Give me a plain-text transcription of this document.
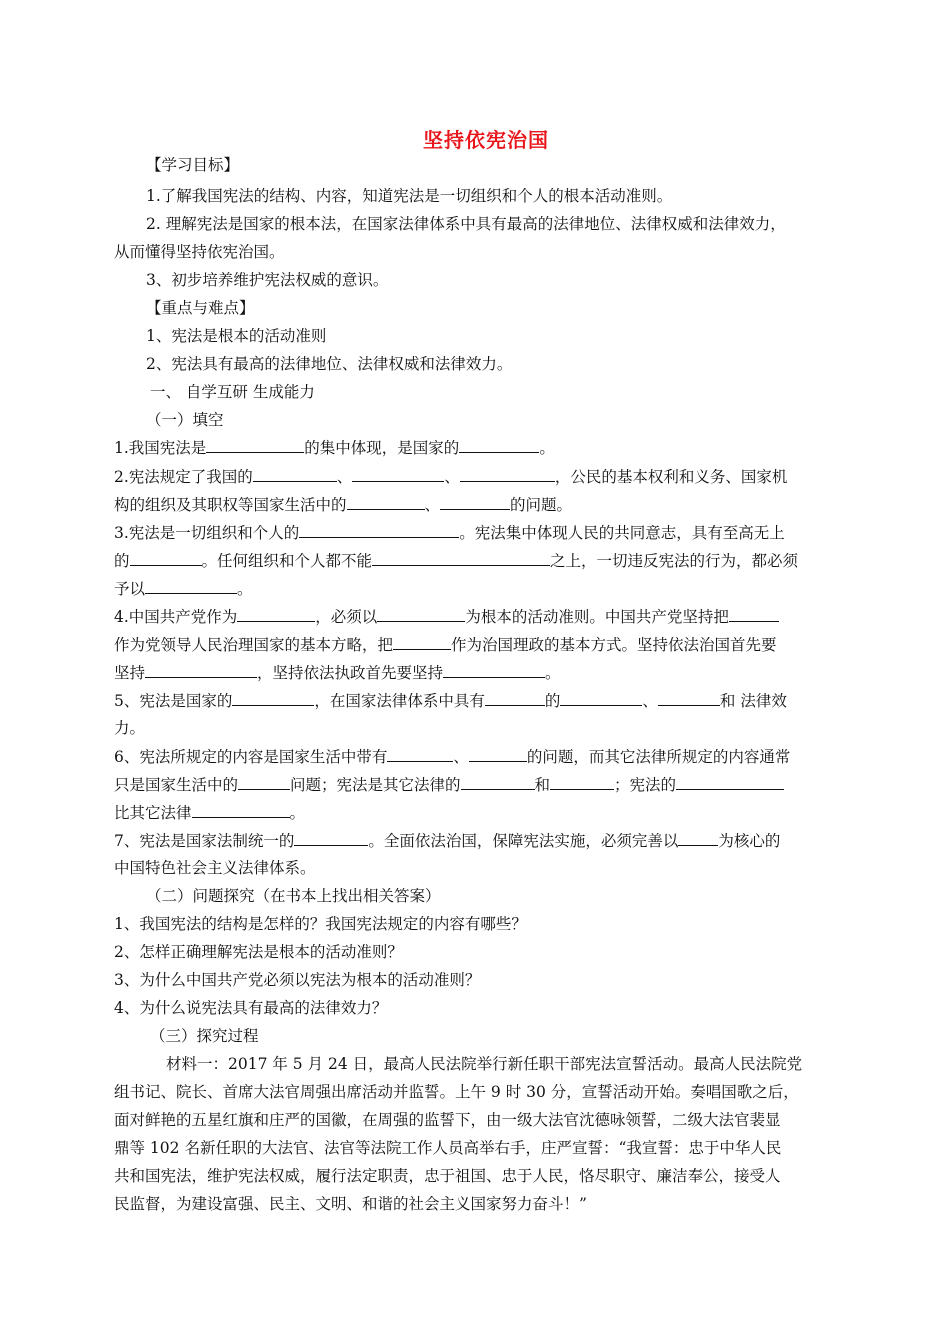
坚持依宪治国
【学习目标】
1.了解我国宪法的结构、内容，知道宪法是一切组织和个人的根本活动准则。
2. 理解宪法是国家的根本法，在国家法律体系中具有最高的法律地位、法律权威和法律效力，
从而懂得坚持依宪治国。
3、初步培养维护宪法权威的意识。
【重点与难点】
1、宪法是根本的活动准则
2、宪法具有最高的法律地位、法律权威和法律效力。
一、 自学互研 生成能力
（一）填空
1.我国宪法是	的集中体现，是国家的	。
2.宪法规定了我国的	、	、	，公民的基本权利和义务、国家机
构的组织及其职权等国家生活中的	、	的问题。
3.宪法是一切组织和个人的	。宪法集中体现人民的共同意志，具有至高无上
的	。任何组织和个人都不能	之上，一切违反宪法的行为，都必须
予以	。
4.中国共产党作为	，必须以	为根本的活动准则。中国共产党坚持把
作为党领导人民治理国家的基本方略，把	作为治国理政的基本方式。坚持依法治国首先要
坚持	，坚持依法执政首先要坚持	。
5、宪法是国家的	，在国家法律体系中具有	的	、	和 法律效
力。
6、宪法所规定的内容是国家生活中带有	、	的问题，而其它法律所规定的内容通常
只是国家生活中的	问题；宪法是其它法律的	和	；宪法的
比其它法律	。
7、宪法是国家法制统一的	。全面依法治国，保障宪法实施，必须完善以	为核心的
中国特色社会主义法律体系。
（二）问题探究（在书本上找出相关答案）
1、我国宪法的结构是怎样的？我国宪法规定的内容有哪些？
2、怎样正确理解宪法是根本的活动准则？
3、为什么中国共产党必须以宪法为根本的活动准则？
4、为什么说宪法具有最高的法律效力？
（三）探究过程
材料一：2017 年 5 月 24 日，最高人民法院举行新任职干部宪法宣誓活动。最高人民法院党
组书记、院长、首席大法官周强出席活动并监誓。上午 9 时 30 分，宣誓活动开始。奏唱国歌之后，
面对鲜艳的五星红旗和庄严的国徽，在周强的监誓下，由一级大法官沈德咏领誓，二级大法官裴显
鼎等 102 名新任职的大法官、法官等法院工作人员高举右手，庄严宣誓：“我宣誓：忠于中华人民
共和国宪法，维护宪法权威，履行法定职责，忠于祖国、忠于人民，恪尽职守、廉洁奉公，接受人
民监督，为建设富强、民主、文明、和谐的社会主义国家努力奋斗！”
